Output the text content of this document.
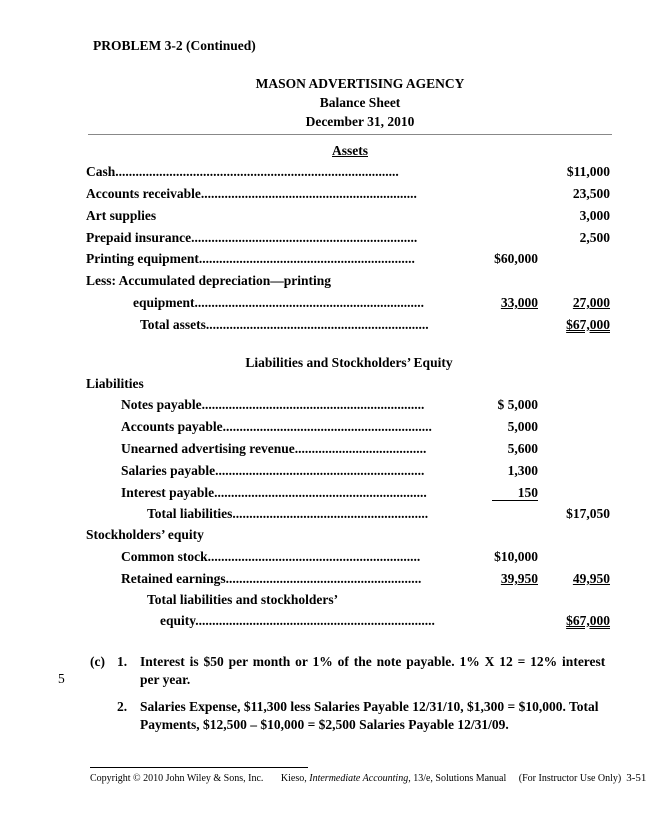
PROBLEM 3-2 (Continued)
MASON ADVERTISING AGENCY
Balance Sheet
December 31, 2010
Assets
Cash....................................................................................	$11,000
Accounts receivable................................................................	23,500
Art supplies	3,000
Prepaid insurance...................................................................	2,500
Printing equipment................................................................	$60,000
Less: Accumulated depreciation—printing
equipment....................................................................	33,000	27,000
Total assets..................................................................	$67,000
Liabilities and Stockholders’ Equity
Liabilities
Notes payable..................................................................	$ 5,000
Accounts payable..............................................................	5,000
Unearned advertising revenue.......................................	5,600
Salaries payable..............................................................	1,300
Interest payable...............................................................	150
Total liabilities..........................................................	$17,050
Stockholders’ equity
Common stock...............................................................	$10,000
Retained earnings..........................................................	39,950	49,950
Total liabilities and stockholders’
equity.......................................................................	$67,000
5
(c) 1. Interest is $50 per month or 1% of the note payable. 1% X 12 = 12% interest
per year.
2. Salaries Expense, $11,300 less Salaries Payable 12/31/10, $1,300 = $10,000. Total
Payments, $12,500 – $10,000 = $2,500 Salaries Payable 12/31/09.
Copyright © 2010 John Wiley & Sons, Inc. Kieso, Intermediate Accounting, 13/e, Solutions Manual (For Instructor Use Only) 3-51
